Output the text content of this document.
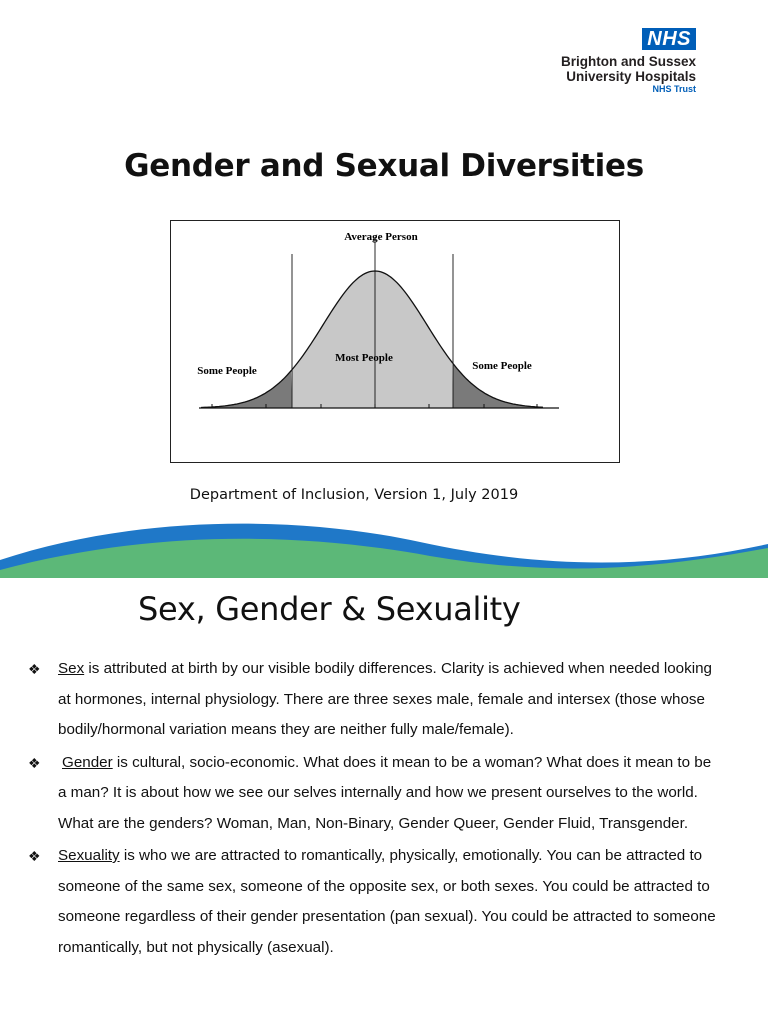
NHS
Brighton and Sussex
University Hospitals
NHS Trust
Gender and Sexual Diversities
Average Person
Most People
Some People	Some People
Department of Inclusion, Version 1, July 2019
Sex, Gender & Sexuality
❖ Sex is attributed at birth by our visible bodily differences. Clarity is achieved when needed looking at hormones, internal physiology. There are three sexes male, female and intersex (those whose bodily/hormonal variation means they are neither fully male/female).
❖ Gender is cultural, socio-economic. What does it mean to be a woman? What does it mean to be a man? It is about how we see our selves internally and how we present ourselves to the world. What are the genders? Woman, Man, Non-Binary, Gender Queer, Gender Fluid, Transgender.
❖ Sexuality is who we are attracted to romantically, physically, emotionally. You can be attracted to someone of the same sex, someone of the opposite sex, or both sexes. You could be attracted to someone regardless of their gender presentation (pan sexual). You could be attracted to someone romantically, but not physically (asexual).
